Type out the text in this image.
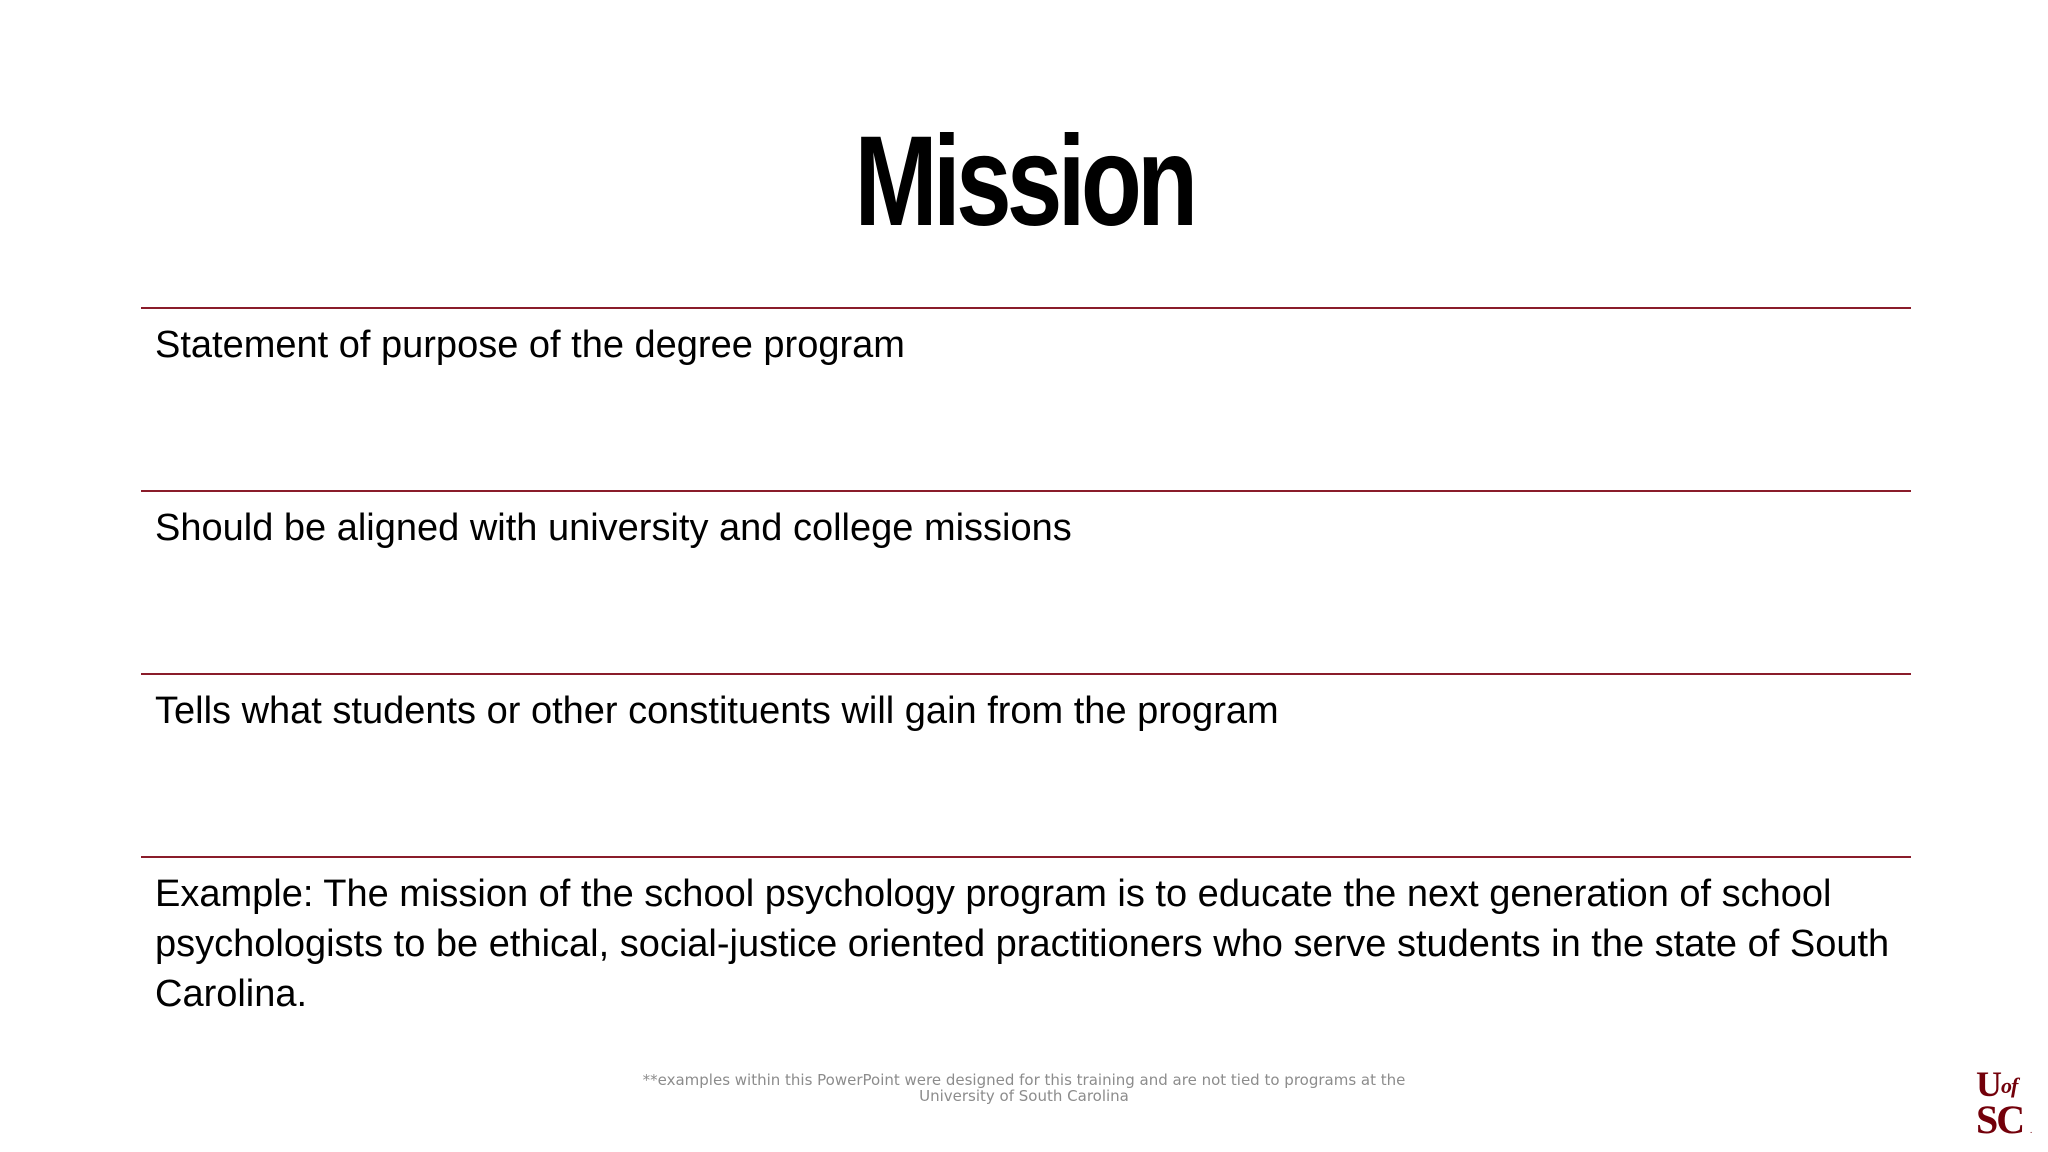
Mission
Statement of purpose of the degree program
Should be aligned with university and college missions
Tells what students or other constituents will gain from the program
Example: The mission of the school psychology program is to educate the next generation of school psychologists to be ethical, social-justice oriented practitioners who serve students in the state of South Carolina.
**examples within this PowerPoint were designed for this training and are not tied to programs at the
University of South Carolina	$U^{of}$
SC .
